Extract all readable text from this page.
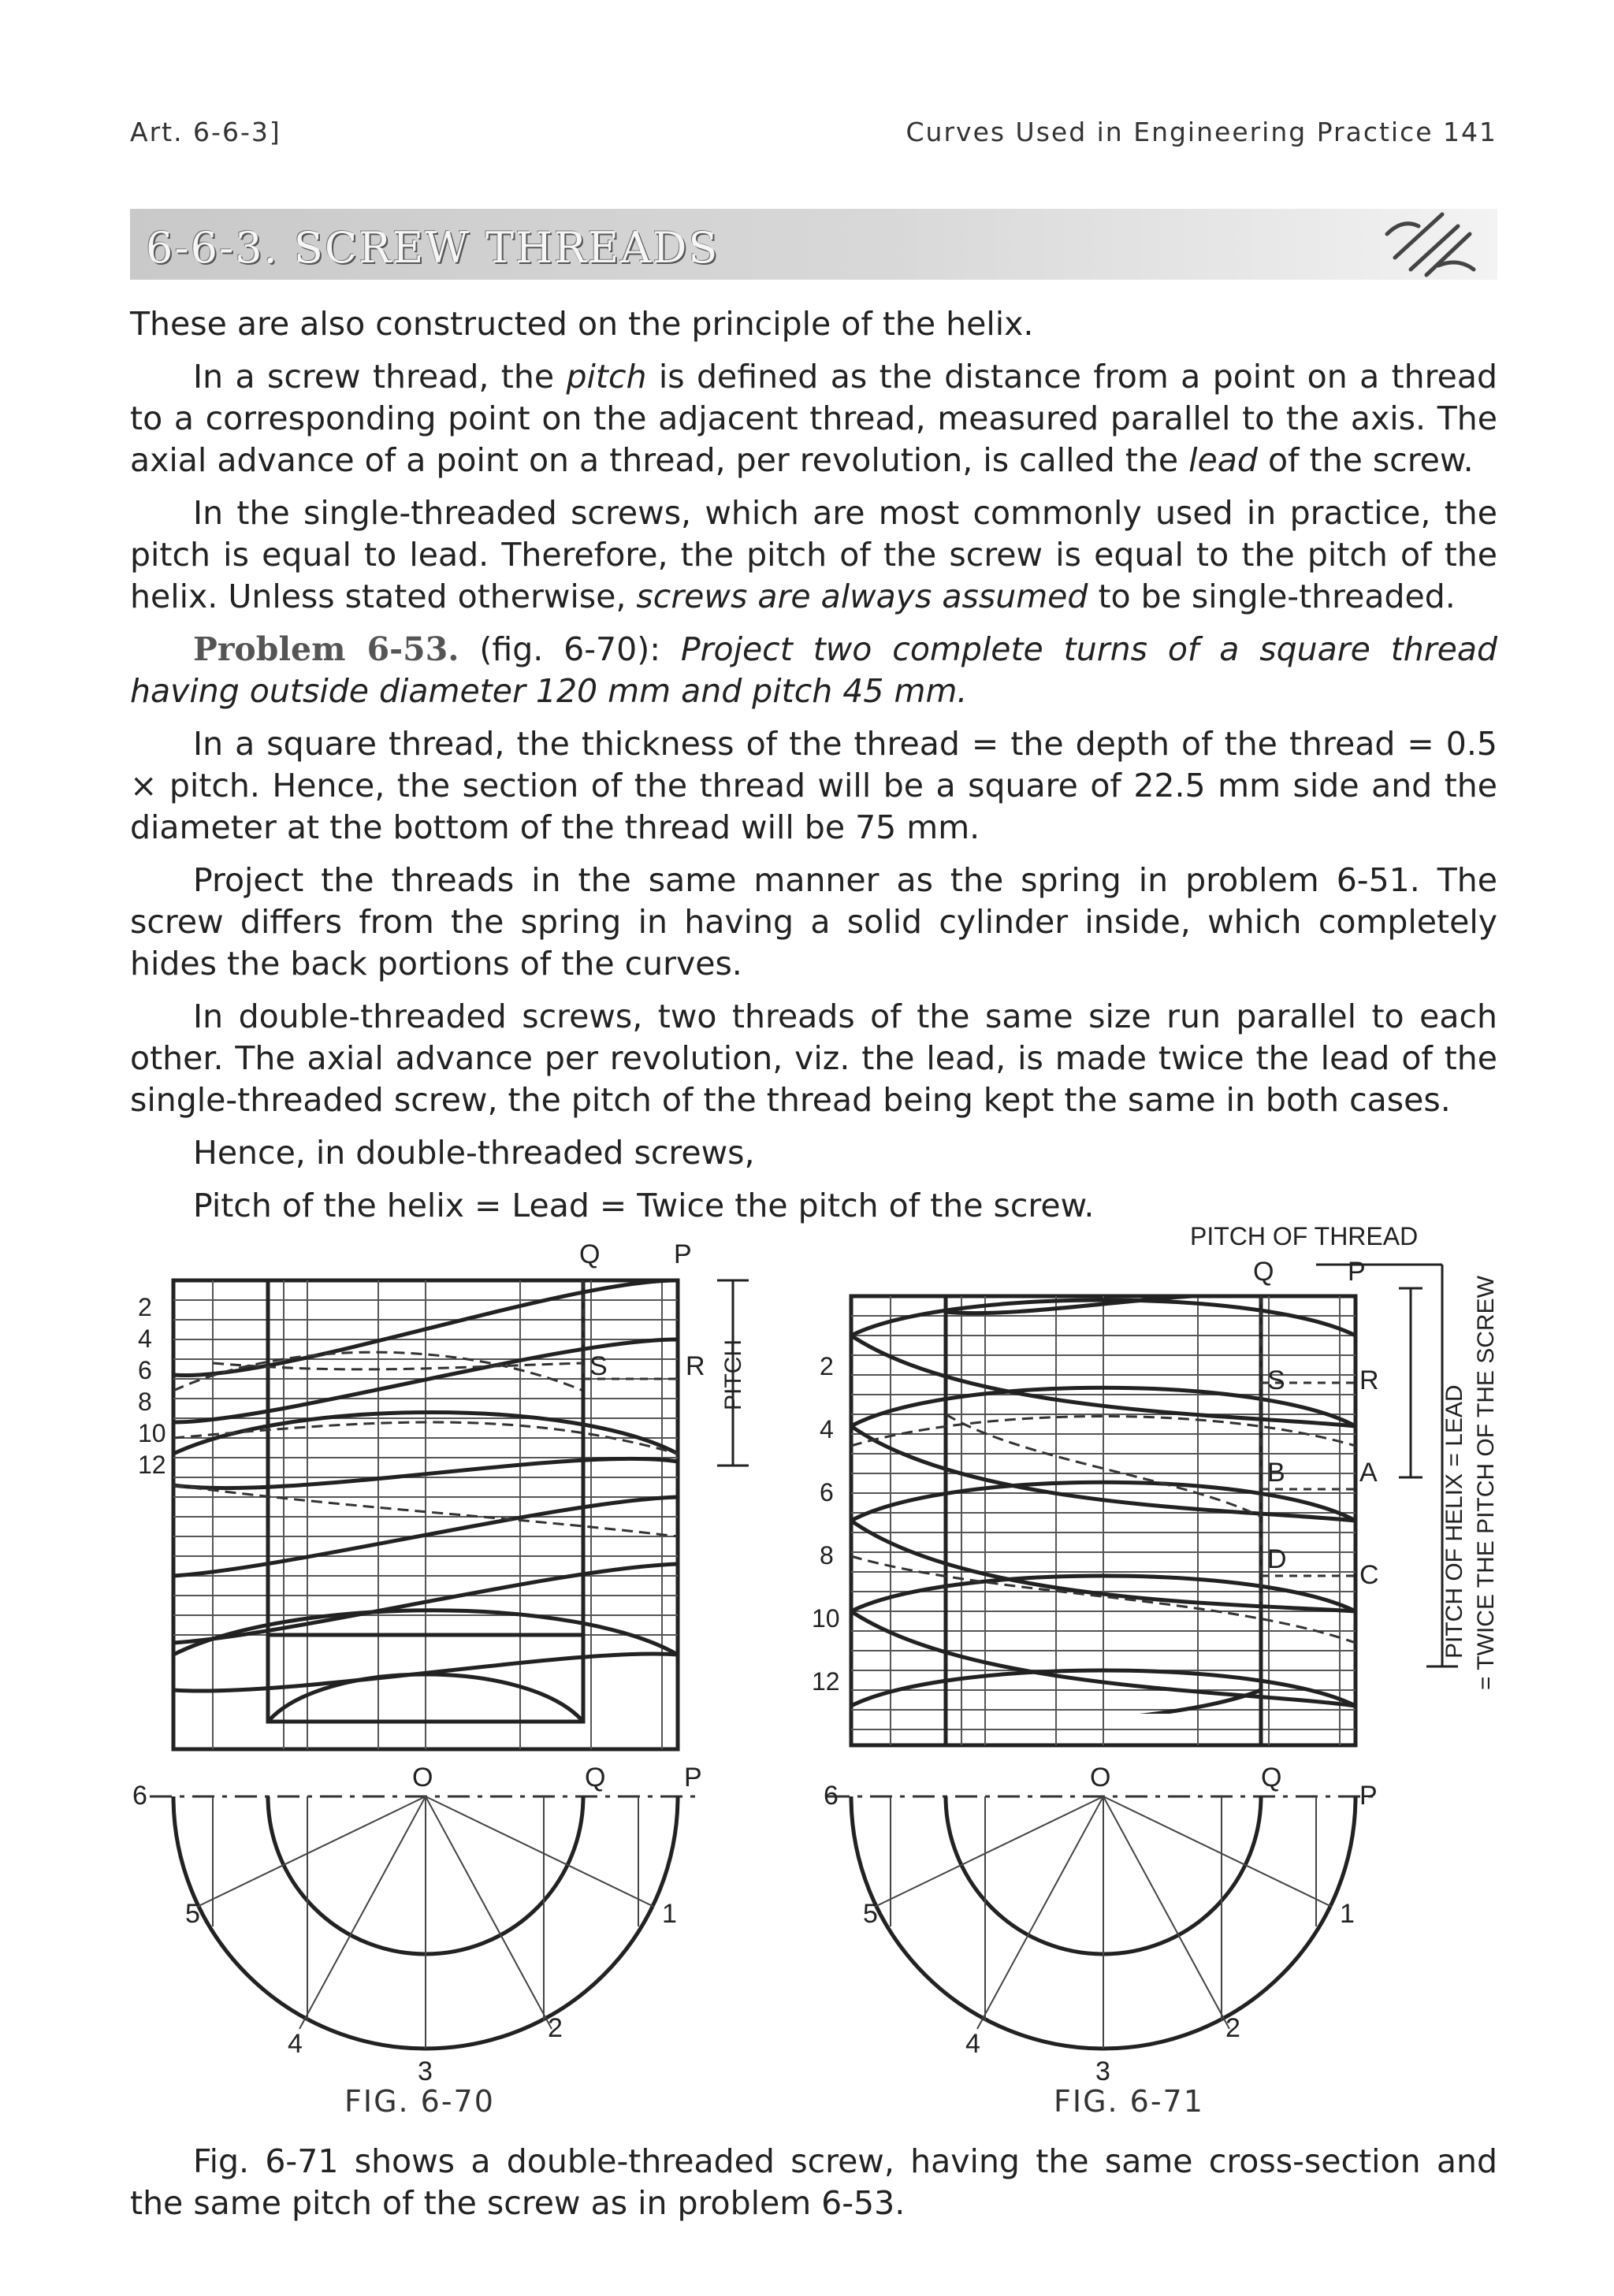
Art. 6-6-3]	Curves Used in Engineering Practice 141
6-6-3. SCREW THREADS

These are also constructed on the principle of the helix.

In a screw thread, the pitch is defined as the distance from a point on a thread to a corresponding point on the adjacent thread, measured parallel to the axis. The axial advance of a point on a thread, per revolution, is called the lead of the screw.

In the single-threaded screws, which are most commonly used in practice, the pitch is equal to lead. Therefore, the pitch of the screw is equal to the pitch of the helix. Unless stated otherwise, screws are always assumed to be single-threaded.

Problem 6-53. (fig. 6-70): Project two complete turns of a square thread having outside diameter 120 mm and pitch 45 mm.

In a square thread, the thickness of the thread = the depth of the thread = 0.5 × pitch. Hence, the section of the thread will be a square of 22.5 mm side and the diameter at the bottom of the thread will be 75 mm.

Project the threads in the same manner as the spring in problem 6-51. The screw differs from the spring in having a solid cylinder inside, which completely hides the back portions of the curves.

In double-threaded screws, two threads of the same size run parallel to each other. The axial advance per revolution, viz. the lead, is made twice the lead of the single-threaded screw, the pitch of the thread being kept the same in both cases.

Hence, in double-threaded screws,

Pitch of the helix = Lead = Twice the pitch of the screw.

Q	P
S	R PITCH
2
4
6
8
10
12
O	Q	P
6
5	1
4
2
3
PITCH OF THREAD
Q	P
S	R
B	A
D
C	PITCH OF HELIX = LEAD = TWICE THE PITCH OF THE SCREW
2
4
6
8
10
12
O	Q
P
6
5	1
4
2
3
FIG. 6-70	FIG. 6-71

Fig. 6-71 shows a double-threaded screw, having the same cross-section and the same pitch of the screw as in problem 6-53.
